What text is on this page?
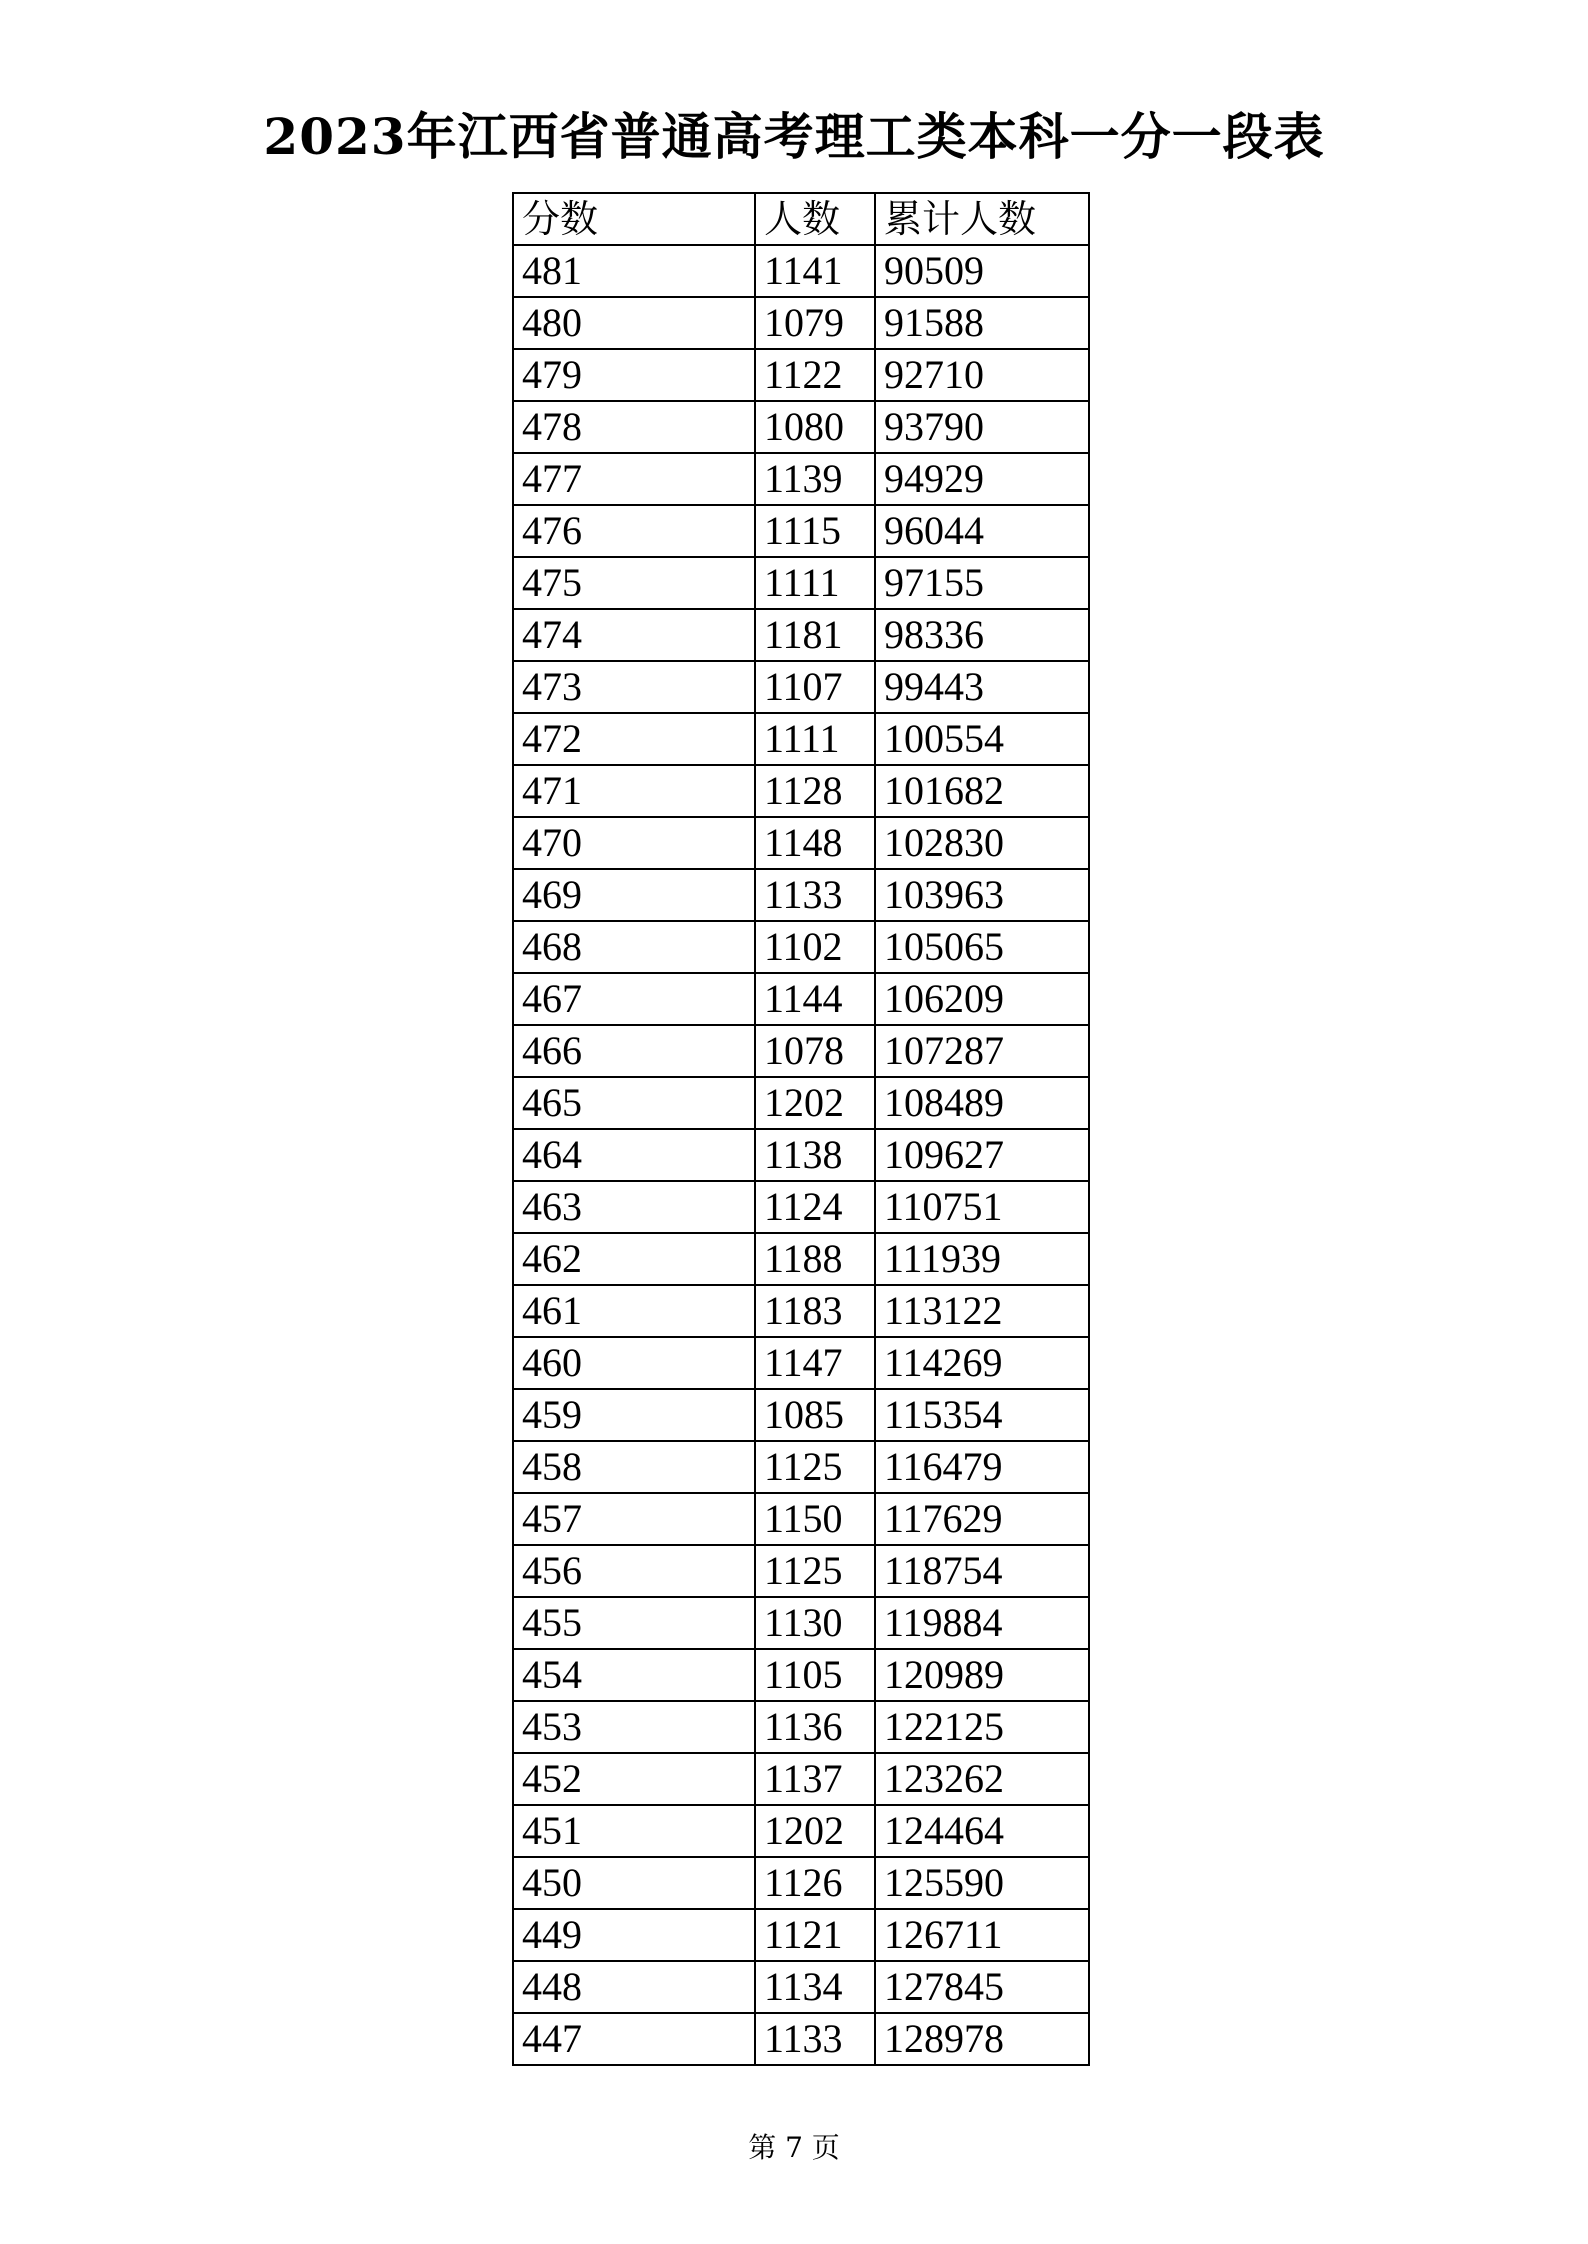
2023年江西省普通高考理工类本科一分一段表
分数	人数	累计人数
481	1141	90509
480	1079	91588
479	1122	92710
478	1080	93790
477	1139	94929
476	1115	96044
475	1111	97155
474	1181	98336
473	1107	99443
472	1111	100554
471	1128	101682
470	1148	102830
469	1133	103963
468	1102	105065
467	1144	106209
466	1078	107287
465	1202	108489
464	1138	109627
463	1124	110751
462	1188	111939
461	1183	113122
460	1147	114269
459	1085	115354
458	1125	116479
457	1150	117629
456	1125	118754
455	1130	119884
454	1105	120989
453	1136	122125
452	1137	123262
451	1202	124464
450	1126	125590
449	1121	126711
448	1134	127845
447	1133	128978
第 7 页
